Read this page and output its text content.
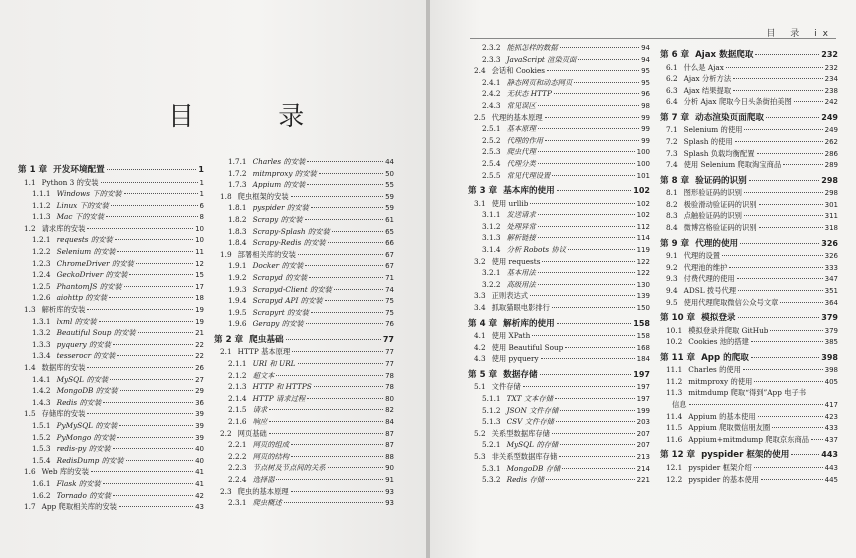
目 录
第 1 章 开发环境配置	1
1.1 Python 3 的安装	1
1.1.1 Windows 下的安装	1
1.1.2 Linux 下的安装	6
1.1.3 Mac 下的安装	8
1.2 请求库的安装	10
1.2.1 requests 的安装	10
1.2.2 Selenium 的安装	11
1.2.3 ChromeDriver 的安装	12
1.2.4 GeckoDriver 的安装	15
1.2.5 PhantomJS 的安装	17
1.2.6 aiohttp 的安装	18
1.3 解析库的安装	19
1.3.1 lxml 的安装	19
1.3.2 Beautiful Soup 的安装	21
1.3.3 pyquery 的安装	22
1.3.4 tesserocr 的安装	22
1.4 数据库的安装	26
1.4.1 MySQL 的安装	27
1.4.2 MongoDB 的安装	29
1.4.3 Redis 的安装	36
1.5 存储库的安装	39
1.5.1 PyMySQL 的安装	39
1.5.2 PyMongo 的安装	39
1.5.3 redis-py 的安装	40
1.5.4 RedisDump 的安装	40
1.6 Web 库的安装	41
1.6.1 Flask 的安装	41
1.6.2 Tornado 的安装	42
1.7 App 爬取相关库的安装	43
1.7.1 Charles 的安装	44
1.7.2 mitmproxy 的安装	50
1.7.3 Appium 的安装	55
1.8 爬虫框架的安装	59
1.8.1 pyspider 的安装	59
1.8.2 Scrapy 的安装	61
1.8.3 Scrapy-Splash 的安装	65
1.8.4 Scrapy-Redis 的安装	66
1.9 部署相关库的安装	67
1.9.1 Docker 的安装	67
1.9.2 Scrapyd 的安装	71
1.9.3 Scrapyd-Client 的安装	74
1.9.4 Scrapyd API 的安装	75
1.9.5 Scrapyrt 的安装	75
1.9.6 Gerapy 的安装	76
第 2 章 爬虫基础	77
2.1 HTTP 基本原理	77
2.1.1 URI 和 URL	77
2.1.2 超文本	78
2.1.3 HTTP 和 HTTPS	78
2.1.4 HTTP 请求过程	80
2.1.5 请求	82
2.1.6 响应	84
2.2 网页基础	87
2.2.1 网页的组成	87
2.2.2 网页的结构	88
2.2.3 节点树及节点间的关系	90
2.2.4 选择器	91
2.3 爬虫的基本原理	93
2.3.1 爬虫概述	93
目 录 ix
2.3.2 能抓怎样的数据	94
2.3.3 JavaScript 渲染页面	94
2.4 会话和 Cookies	95
2.4.1 静态网页和动态网页	95
2.4.2 无状态 HTTP	96
2.4.3 常见误区	98
2.5 代理的基本原理	99
2.5.1 基本原理	99
2.5.2 代理的作用	99
2.5.3 爬虫代理	100
2.5.4 代理分类	100
2.5.5 常见代理设置	101
第 3 章 基本库的使用	102
3.1 使用 urllib	102
3.1.1 发送请求	102
3.1.2 处理异常	112
3.1.3 解析链接	114
3.1.4 分析 Robots 协议	119
3.2 使用 requests	122
3.2.1 基本用法	122
3.2.2 高级用法	130
3.3 正则表达式	139
3.4 抓取猫眼电影排行	150
第 4 章 解析库的使用	158
4.1 使用 XPath	158
4.2 使用 Beautiful Soup	168
4.3 使用 pyquery	184
第 5 章 数据存储	197
5.1 文件存储	197
5.1.1 TXT 文本存储	197
5.1.2 JSON 文件存储	199
5.1.3 CSV 文件存储	203
5.2 关系型数据库存储	207
5.2.1 MySQL 的存储	207
5.3 非关系型数据库存储	213
5.3.1 MongoDB 存储	214
5.3.2 Redis 存储	221
第 6 章 Ajax 数据爬取	232
6.1 什么是 Ajax	232
6.2 Ajax 分析方法	234
6.3 Ajax 结果提取	238
6.4 分析 Ajax 爬取今日头条街拍美图	242
第 7 章 动态渲染页面爬取	249
7.1 Selenium 的使用	249
7.2 Splash 的使用	262
7.3 Splash 负载均衡配置	286
7.4 使用 Selenium 爬取淘宝商品	289
第 8 章 验证码的识别	298
8.1 图形验证码的识别	298
8.2 极验滑动验证码的识别	301
8.3 点触验证码的识别	311
8.4 微博宫格验证码的识别	318
第 9 章 代理的使用	326
9.1 代理的设置	326
9.2 代理池的维护	333
9.3 付费代理的使用	347
9.4 ADSL 拨号代理	351
9.5 使用代理爬取微信公众号文章	364
第 10 章 模拟登录	379
10.1 模拟登录并爬取 GitHub	379
10.2 Cookies 池的搭建	385
第 11 章 App 的爬取	398
11.1 Charles 的使用	398
11.2 mitmproxy 的使用	405
11.3 mitmdump 爬取“得到”App 电子书
信息	417
11.4 Appium 的基本使用	423
11.5 Appium 爬取微信朋友圈	433
11.6 Appium+mitmdump 爬取京东商品 437
第 12 章 pyspider 框架的使用	443
12.1 pyspider 框架介绍	443
12.2 pyspider 的基本使用	445
